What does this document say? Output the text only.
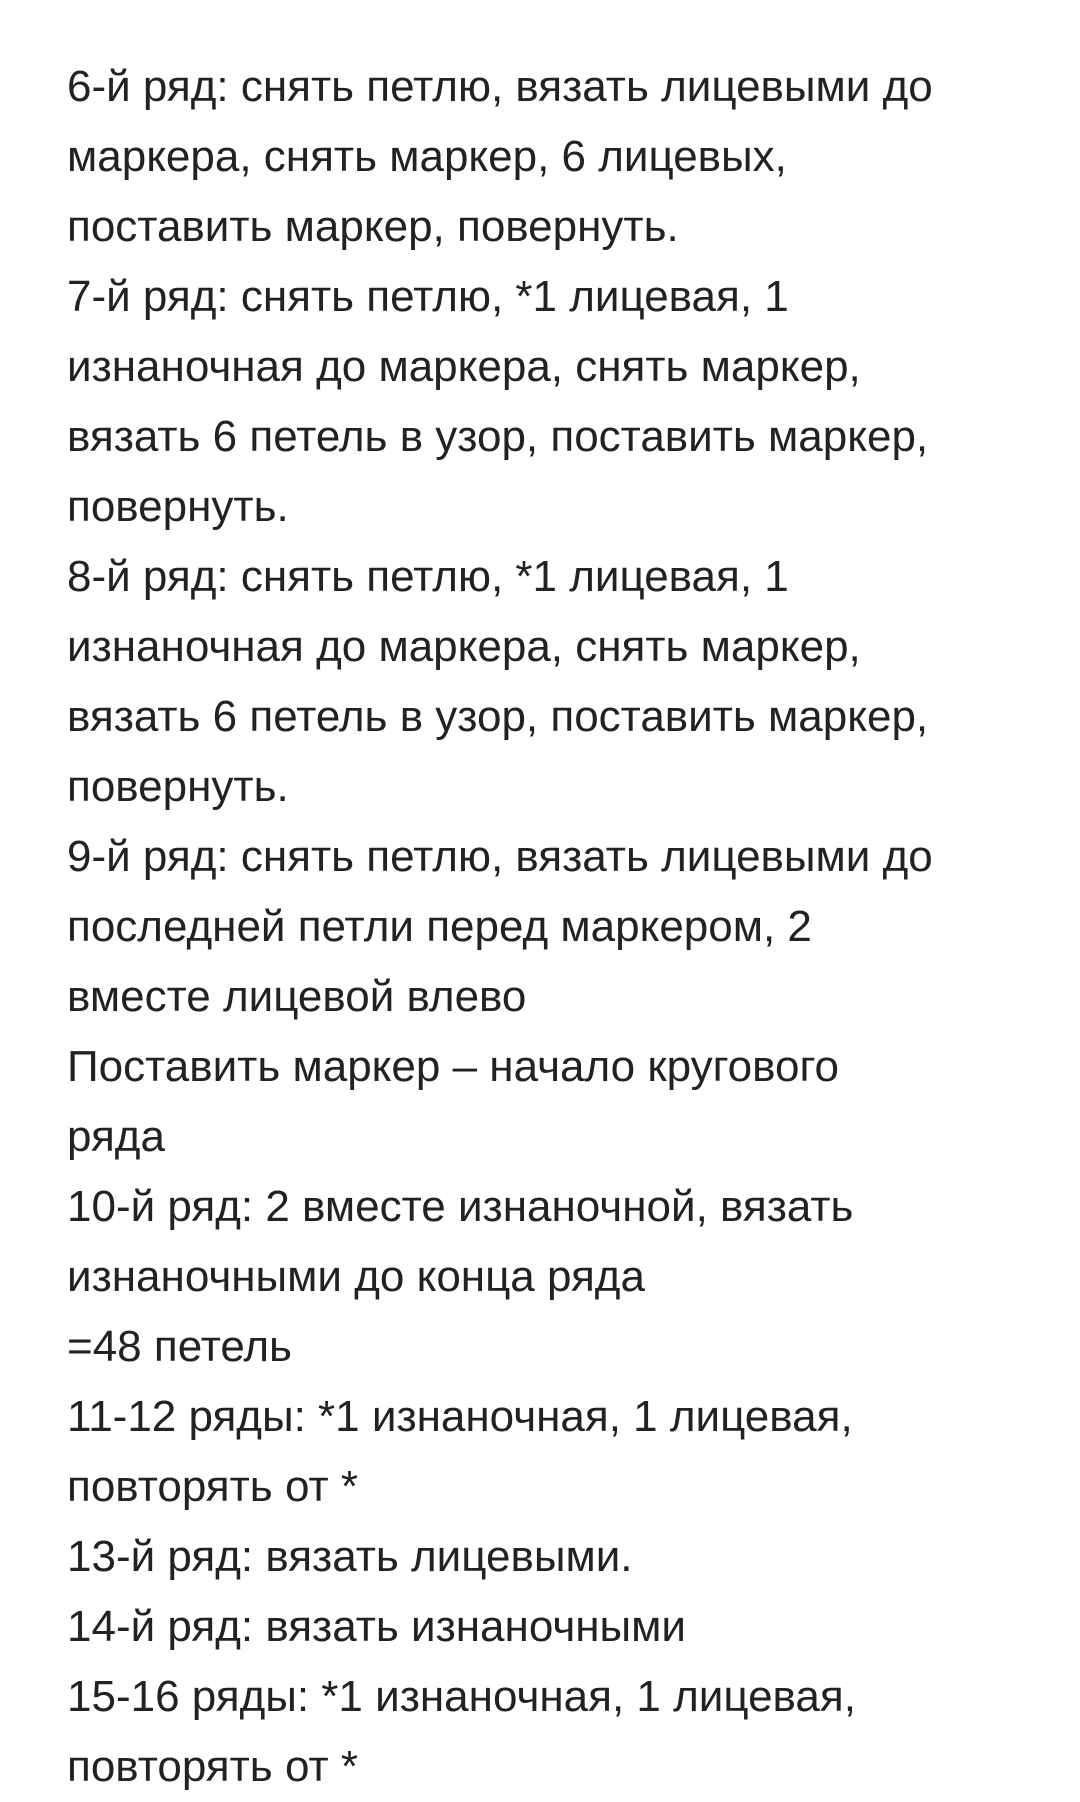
6-й ряд: снять петлю, вязать лицевыми до
маркера, снять маркер, 6 лицевых,
поставить маркер, повернуть.
7-й ряд: снять петлю, *1 лицевая, 1
изнаночная до маркера, снять маркер,
вязать 6 петель в узор, поставить маркер,
повернуть.
8-й ряд: снять петлю, *1 лицевая, 1
изнаночная до маркера, снять маркер,
вязать 6 петель в узор, поставить маркер,
повернуть.
9-й ряд: снять петлю, вязать лицевыми до
последней петли перед маркером, 2
вместе лицевой влево
Поставить маркер – начало кругового
ряда
10-й ряд: 2 вместе изнаночной, вязать
изнаночными до конца ряда
=48 петель
11-12 ряды: *1 изнаночная, 1 лицевая,
повторять от *
13-й ряд: вязать лицевыми.
14-й ряд: вязать изнаночными
15-16 ряды: *1 изнаночная, 1 лицевая,
повторять от *
